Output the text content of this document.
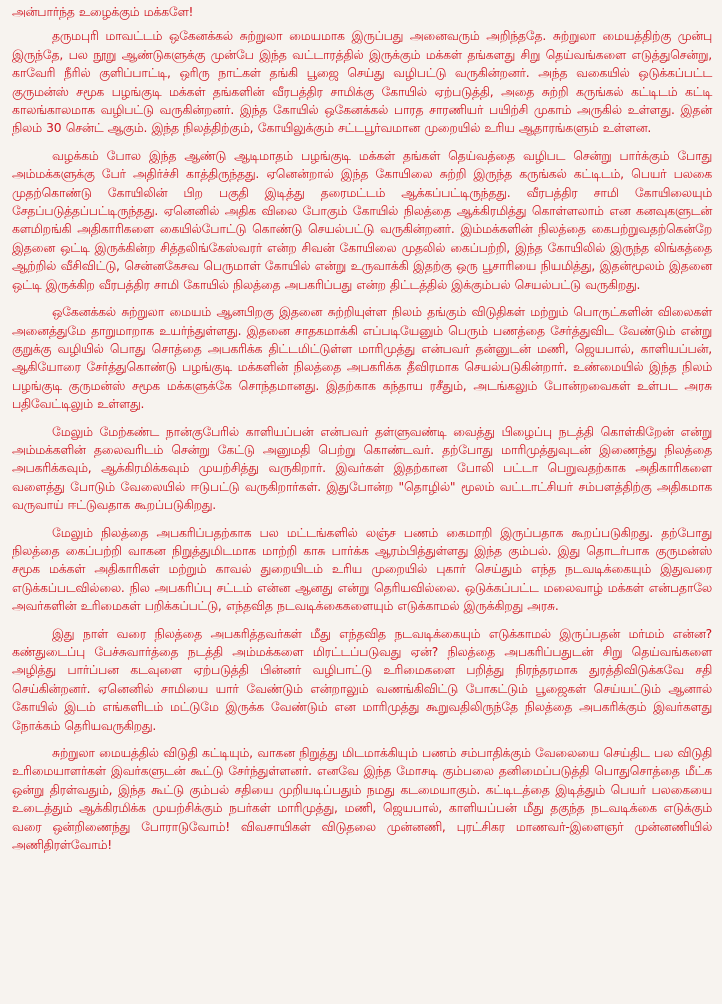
அன்பார்ந்த உழைக்கும் மக்களே!

தருமபுரி மாவட்டம் ஒகேனக்கல் சுற்றுலா மையமாக இருப்பது அனைவரும் அறிந்ததே. சுற்றுலா மையத்திற்கு முன்பு இருந்தே, பல நூறு ஆண்டுகளுக்கு முன்பே இந்த வட்டாரத்தில் இருக்கும் மக்கள் தங்களது சிறு தெய்வங்களை எடுத்துசென்று, காவேரி நீரில் குளிப்பாட்டி, ஒரிரு நாட்கள் தங்கி பூஜை செய்து வழிபட்டு வருகின்றனர். அந்த வகையில் ஒடுக்கப்பட்ட குருமன்ஸ் சமூக பழங்குடி மக்கள் தங்களின் வீரபத்திர சாமிக்கு கோயில் ஏற்படுத்தி, அதை சுற்றி கருங்கல் கட்டிடம் கட்டி காலங்காலமாக வழிபட்டு வருகின்றனர். இந்த கோயில் ஒகேனக்கல் பாரத சாரணியர் பயிற்சி முகாம் அருகில் உள்ளது. இதன் நிலம் 30 சென்ட் ஆகும். இந்த நிலத்திற்கும், கோயிலுக்கும் சட்டபூர்வமான முறையில் உரிய ஆதாரங்களும் உள்ளன.

வழக்கம் போல இந்த ஆண்டு ஆடிமாதம் பழங்குடி மக்கள் தங்கள் தெய்வத்தை வழிபட சென்று பார்க்கும் போது அம்மக்களுக்கு பேர் அதிர்ச்சி காத்திருந்தது. ஏனென்றால் இந்த கோயிலை சுற்றி இருந்த கருங்கல் கட்டிடம், பெயர் பலகை முதற்கொண்டு கோயிலின் பிற பகுதி இடித்து தரைமட்டம் ஆக்கப்பட்டிருந்தது. வீரபத்திர சாமி கோயிலையும் சேதப்படுத்தப்பட்டிருந்தது. ஏனெனில் அதிக விலை போகும் கோயில் நிலத்தை ஆக்கிரமித்து கொள்ளலாம் என கனவுகளுடன் களமிறங்கி அதிகாரிகளை கையில்போட்டு கொண்டு செயல்பட்டு வருகின்றனர். இம்மக்களின் நிலத்தை கைபற்றுவதற்கென்றே இதனை ஒட்டி இருக்கின்ற சித்தலிங்கேஸ்வரர் என்ற சிவன் கோயிலை முதலில் கைப்பற்றி, இந்த கோயிலில் இருந்த லிங்கத்தை ஆற்றில் வீசிவிட்டு, சென்னகேசவ பெருமாள் கோயில் என்று உருவாக்கி இதற்கு ஒரு பூசாரியை நியமித்து, இதன்மூலம் இதனை ஒட்டி இருக்கிற வீரபத்திர சாமி கோயில் நிலத்தை அபகரிப்பது என்ற திட்டத்தில் இக்கும்பல் செயல்பட்டு வருகிறது.

ஒகேனக்கல் சுற்றுலா மையம் ஆனபிறகு இதனை சுற்றியுள்ள நிலம் தங்கும் விடுதிகள் மற்றும் பொருட்களின் விலைகள் அனைத்துமே தாறுமாறாக உயர்ந்துள்ளது. இதனை சாதகமாக்கி எப்படியேனும் பெரும் பணத்தை சேர்த்துவிட வேண்டும் என்று குறுக்கு வழியில் பொது சொத்தை அபகரிக்க திட்டமிட்டுள்ள மாரிமுத்து என்பவர் தன்னுடன் மணி, ஜெயபால், காளியப்பன், ஆகியோரை சேர்த்துகொண்டு பழங்குடி மக்களின் நிலத்தை அபகரிக்க தீவிரமாக செயல்படுகின்றார். உண்மையில் இந்த நிலம் பழங்குடி குருமன்ஸ் சமூக மக்களுக்கே சொந்தமானது. இதற்காக கந்தாய ரசீதும், அடங்கலும் போன்றவைகள் உள்பட அரசு பதிவேட்டிலும் உள்ளது.

மேலும் மேற்கண்ட நான்குபேரில் காளியப்பன் என்பவர் தள்ளுவண்டி வைத்து பிழைப்பு நடத்தி கொள்கிறேன் என்று அம்மக்களின் தலைவரிடம் சென்று கேட்டு அனுமதி பெற்று கொண்டவர். தற்போது மாரிமுத்துவுடன் இணைந்து நிலத்தை அபகரிக்கவும், ஆக்கிரமிக்கவும் முயற்சித்து வருகிறார். இவர்கள் இதற்கான போலி பட்டா பெறுவதற்காக அதிகாரிகளை வளைத்து போடும் வேலையில் ஈடுபட்டு வருகிறார்கள். இதுபோன்ற "தொழில்" மூலம் வட்டாட்சியர் சம்பளத்திற்கு அதிகமாக வருவாய் ஈட்டுவதாக கூறப்படுகிறது.

மேலும் நிலத்தை அபகரிப்பதற்காக பல மட்டங்களில் லஞ்ச பணம் கைமாறி இருப்பதாக கூறப்படுகிறது. தற்போது நிலத்தை கைப்பற்றி வாகன நிறுத்துமிடமாக மாற்றி காசு பார்க்க ஆரம்பித்துள்ளது இந்த கும்பல். இது தொடர்பாக குருமன்ஸ் சமூக மக்கள் அதிகாரிகள் மற்றும் காவல் துறையிடம் உரிய முறையில் புகார் செய்தும் எந்த நடவடிக்கையும் இதுவரை எடுக்கப்படவில்லை. நில அபகரிப்பு சட்டம் என்ன ஆனது என்று தெரியவில்லை. ஒடுக்கப்பட்ட மலைவாழ் மக்கள் என்பதாலே அவர்களின் உரிமைகள் பறிக்கப்பட்டு, எந்தவித நடவடிக்கைகளையும் எடுக்காமல் இருக்கிறது அரசு.

இது நாள் வரை நிலத்தை அபகரித்தவர்கள் மீது எந்தவித நடவடிக்கையும் எடுக்காமல் இருப்பதன் மர்மம் என்ன? கண்துடைப்பு பேச்சுவார்த்தை நடத்தி அம்மக்களை மிரட்டப்படுவது ஏன்? நிலத்தை அபகரிப்பதுடன் சிறு தெய்வங்களை அழித்து பார்ப்பன கடவுளை ஏற்படுத்தி பின்னர் வழிபாட்டு உரிமைகளை பறித்து நிரந்தரமாக துரத்திவிடுக்கவே சதி செய்கின்றனர். ஏனெனில் சாமியை யார் வேண்டும் என்றாலும் வணங்கிவிட்டு போகட்டும் பூஜைகள் செய்யட்டும் ஆனால் கோயில் இடம் எங்களிடம் மட்டுமே இருக்க வேண்டும் என மாரிமுத்து கூறுவதிலிருந்தே நிலத்தை அபகரிக்கும் இவர்களது நோக்கம் தெரியவருகிறது.

சுற்றுலா மையத்தில் விடுதி கட்டியும், வாகன நிறுத்து மிடமாக்கியும் பணம் சம்பாதிக்கும் வேலையை செய்திட பல விடுதி உரிமையாளர்கள் இவர்களுடன் கூட்டு சேர்ந்துள்ளனர். எனவே இந்த மோசடி கும்பலை தனிமைப்படுத்தி பொதுசொத்தை மீட்க ஒன்று திரள்வதும், இந்த கூட்டு கும்பல் சதியை முறியடிப்பதும் நமது கடமையாகும். கட்டிடத்தை இடித்தும் பெயர் பலகையை உடைத்தும் ஆக்கிரமிக்க முயற்சிக்கும் நபர்கள் மாரிமுத்து, மணி, ஜெயபால், காளியப்பன் மீது தகுந்த நடவடிக்கை எடுக்கும் வரை ஒன்றிணைந்து போராடுவோம்! விவசாயிகள் விடுதலை முன்னணி, புரட்சிகர மாணவர்-இளைஞர் முன்னணியில் அணிதிரள்வோம்!
